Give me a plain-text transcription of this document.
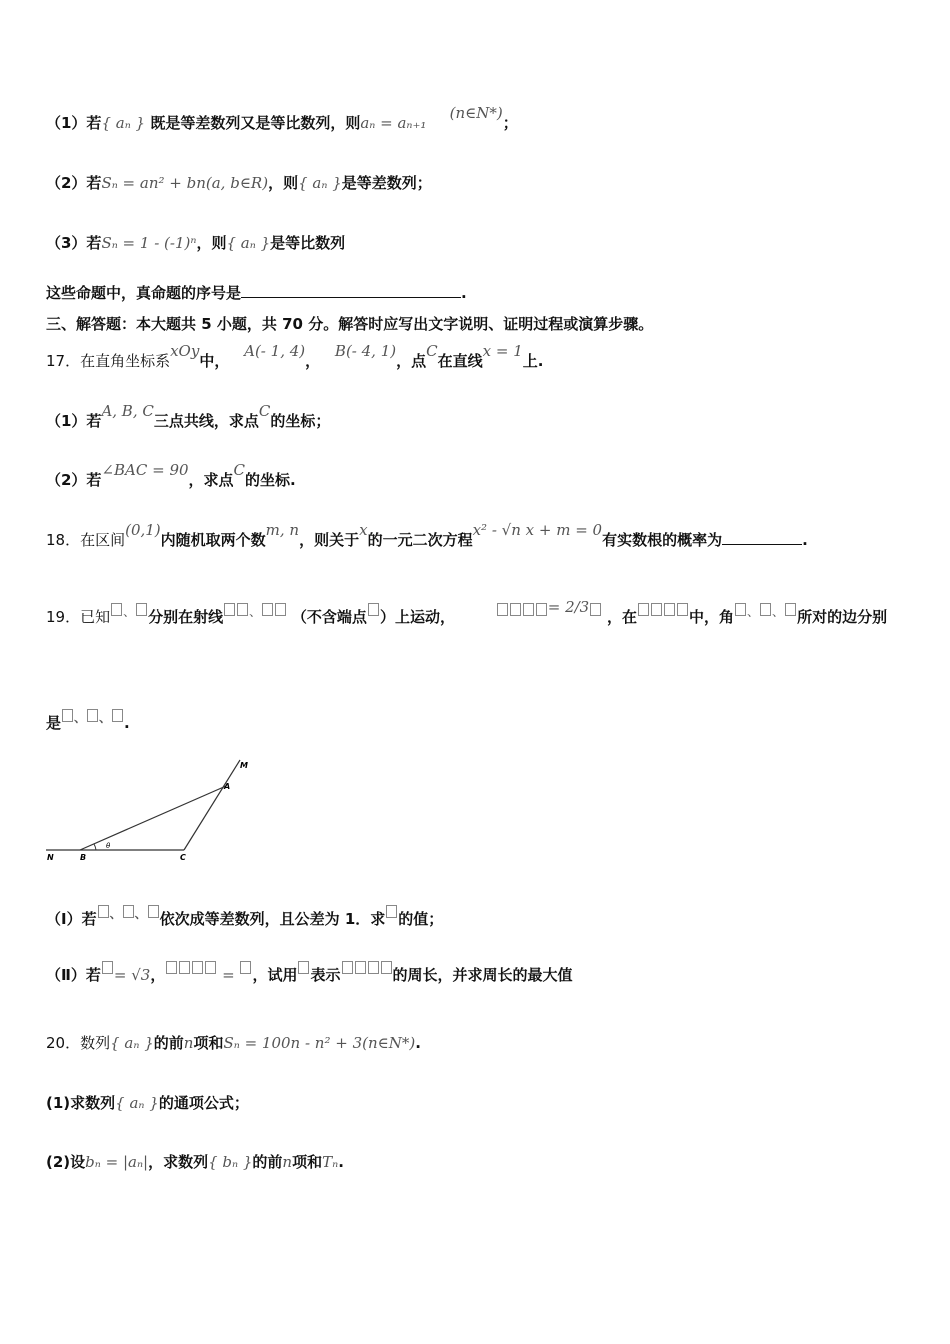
（1）若{ aₙ } 既是等差数列又是等比数列，则aₙ = aₙ₊₁ (n∈N*)；
（2）若Sₙ = an² + bn(a, b∈R)，则{ aₙ }是等差数列；
（3）若Sₙ = 1 - (-1)ⁿ，则{ aₙ }是等比数列
这些命题中，真命题的序号是	.
三、解答题：本大题共 5 小题，共 70 分。解答时应写出文字说明、证明过程或演算步骤。
17．在直角坐标系xOy中， A(- 1, 4)， B(- 4, 1)，点C在直线x = 1上.
（1）若A, B, C三点共线，求点C的坐标；
（2）若∠BAC = 90，求点C的坐标.
18．在区间(0,1)内随机取两个数m, n，则关于x的一元二次方程x² - √n x + m = 0有实数根的概率为	.
19．已知 、 分别在射线 、 （不含端点 ）上运动， = 2/3 ，在	中，角 、 、 所对的边分别
是 、 、 .
M
A
N	B
θ
C
（Ⅰ）若 、 、 依次成等差数列，且公差为 1．求 的值；
（Ⅱ）若 = √3，	= ，试用 表示	的周长，并求周长的最大值
20．数列{ aₙ }的前n项和Sₙ = 100n - n² + 3(n∈N*).
(1)求数列{ aₙ }的通项公式；
(2)设bₙ = |aₙ|，求数列{ bₙ }的前n项和Tₙ.
